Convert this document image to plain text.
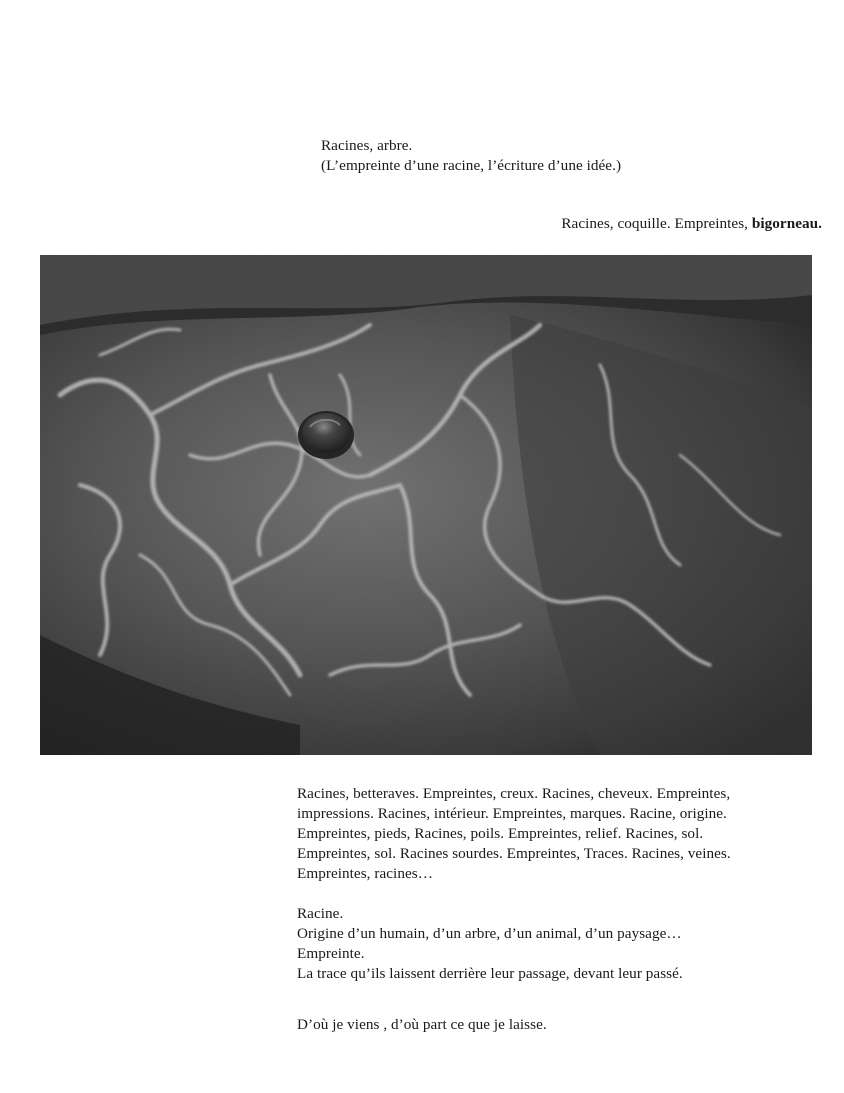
Racines, arbre.
(L’empreinte d’une racine, l’écriture d’une idée.)
Racines, coquille. Empreintes, bigorneau.

Racines, betteraves. Empreintes, creux. Racines, cheveux. Empreintes,
impressions. Racines, intérieur. Empreintes, marques. Racine, origine.
Empreintes, pieds, Racines, poils. Empreintes, relief. Racines, sol.
Empreintes, sol. Racines sourdes. Empreintes, Traces. Racines, veines.
Empreintes, racines…

Racine.
Origine d’un humain, d’un arbre, d’un animal, d’un paysage…
Empreinte.
La trace qu’ils laissent derrière leur passage, devant leur passé.

D’où je viens , d’où part ce que je laisse.
